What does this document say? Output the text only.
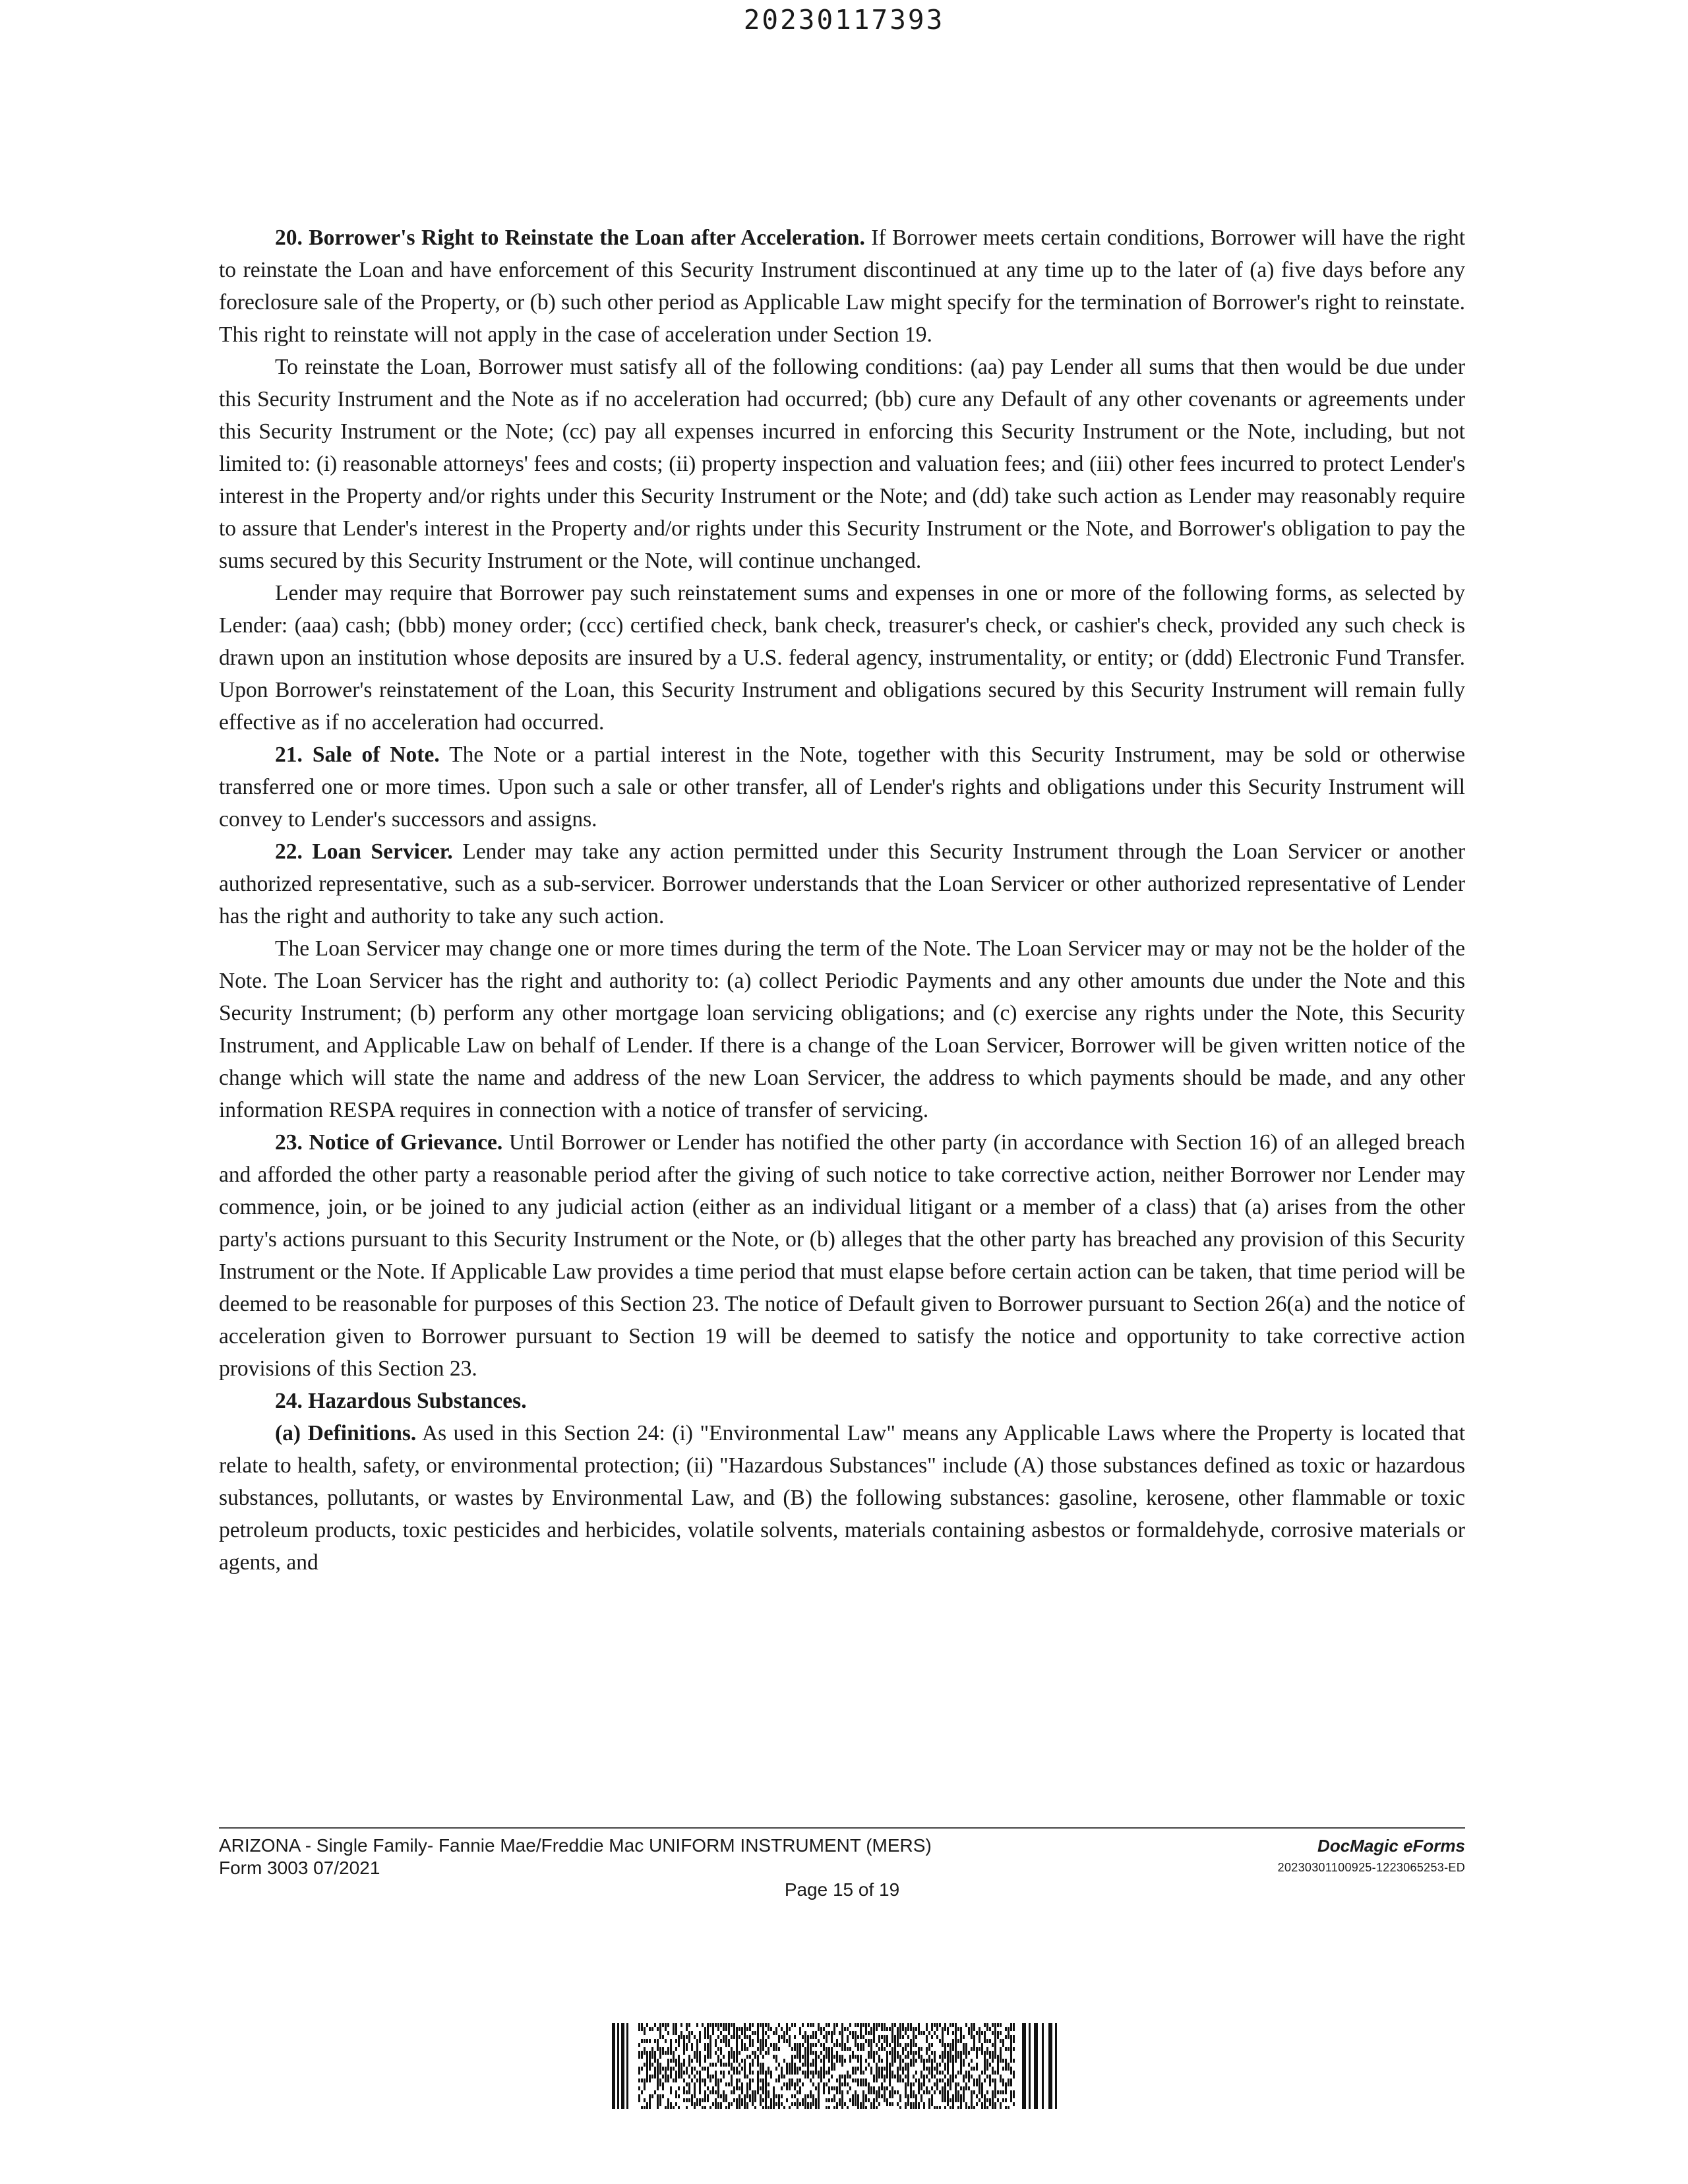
20230117393

20. Borrower's Right to Reinstate the Loan after Acceleration. If Borrower meets certain conditions, Borrower will have the right to reinstate the Loan and have enforcement of this Security Instrument discontinued at any time up to the later of (a) five days before any foreclosure sale of the Property, or (b) such other period as Applicable Law might specify for the termination of Borrower's right to reinstate. This right to reinstate will not apply in the case of acceleration under Section 19.

To reinstate the Loan, Borrower must satisfy all of the following conditions: (aa) pay Lender all sums that then would be due under this Security Instrument and the Note as if no acceleration had occurred; (bb) cure any Default of any other covenants or agreements under this Security Instrument or the Note; (cc) pay all expenses incurred in enforcing this Security Instrument or the Note, including, but not limited to: (i) reasonable attorneys' fees and costs; (ii) property inspection and valuation fees; and (iii) other fees incurred to protect Lender's interest in the Property and/or rights under this Security Instrument or the Note; and (dd) take such action as Lender may reasonably require to assure that Lender's interest in the Property and/or rights under this Security Instrument or the Note, and Borrower's obligation to pay the sums secured by this Security Instrument or the Note, will continue unchanged.

Lender may require that Borrower pay such reinstatement sums and expenses in one or more of the following forms, as selected by Lender: (aaa) cash; (bbb) money order; (ccc) certified check, bank check, treasurer's check, or cashier's check, provided any such check is drawn upon an institution whose deposits are insured by a U.S. federal agency, instrumentality, or entity; or (ddd) Electronic Fund Transfer. Upon Borrower's reinstatement of the Loan, this Security Instrument and obligations secured by this Security Instrument will remain fully effective as if no acceleration had occurred.

21. Sale of Note. The Note or a partial interest in the Note, together with this Security Instrument, may be sold or otherwise transferred one or more times. Upon such a sale or other transfer, all of Lender's rights and obligations under this Security Instrument will convey to Lender's successors and assigns.

22. Loan Servicer. Lender may take any action permitted under this Security Instrument through the Loan Servicer or another authorized representative, such as a sub-servicer. Borrower understands that the Loan Servicer or other authorized representative of Lender has the right and authority to take any such action.

The Loan Servicer may change one or more times during the term of the Note. The Loan Servicer may or may not be the holder of the Note. The Loan Servicer has the right and authority to: (a) collect Periodic Payments and any other amounts due under the Note and this Security Instrument; (b) perform any other mortgage loan servicing obligations; and (c) exercise any rights under the Note, this Security Instrument, and Applicable Law on behalf of Lender. If there is a change of the Loan Servicer, Borrower will be given written notice of the change which will state the name and address of the new Loan Servicer, the address to which payments should be made, and any other information RESPA requires in connection with a notice of transfer of servicing.

23. Notice of Grievance. Until Borrower or Lender has notified the other party (in accordance with Section 16) of an alleged breach and afforded the other party a reasonable period after the giving of such notice to take corrective action, neither Borrower nor Lender may commence, join, or be joined to any judicial action (either as an individual litigant or a member of a class) that (a) arises from the other party's actions pursuant to this Security Instrument or the Note, or (b) alleges that the other party has breached any provision of this Security Instrument or the Note. If Applicable Law provides a time period that must elapse before certain action can be taken, that time period will be deemed to be reasonable for purposes of this Section 23. The notice of Default given to Borrower pursuant to Section 26(a) and the notice of acceleration given to Borrower pursuant to Section 19 will be deemed to satisfy the notice and opportunity to take corrective action provisions of this Section 23.

24. Hazardous Substances.

(a) Definitions. As used in this Section 24: (i) "Environmental Law" means any Applicable Laws where the Property is located that relate to health, safety, or environmental protection; (ii) "Hazardous Substances" include (A) those substances defined as toxic or hazardous substances, pollutants, or wastes by Environmental Law, and (B) the following substances: gasoline, kerosene, other flammable or toxic petroleum products, toxic pesticides and herbicides, volatile solvents, materials containing asbestos or formaldehyde, corrosive materials or agents, and

ARIZONA - Single Family- Fannie Mae/Freddie Mac UNIFORM INSTRUMENT (MERS)
Form 3003 07/2021
DocMagic eForms
20230301100925-1223065253-ED
Page 15 of 19
